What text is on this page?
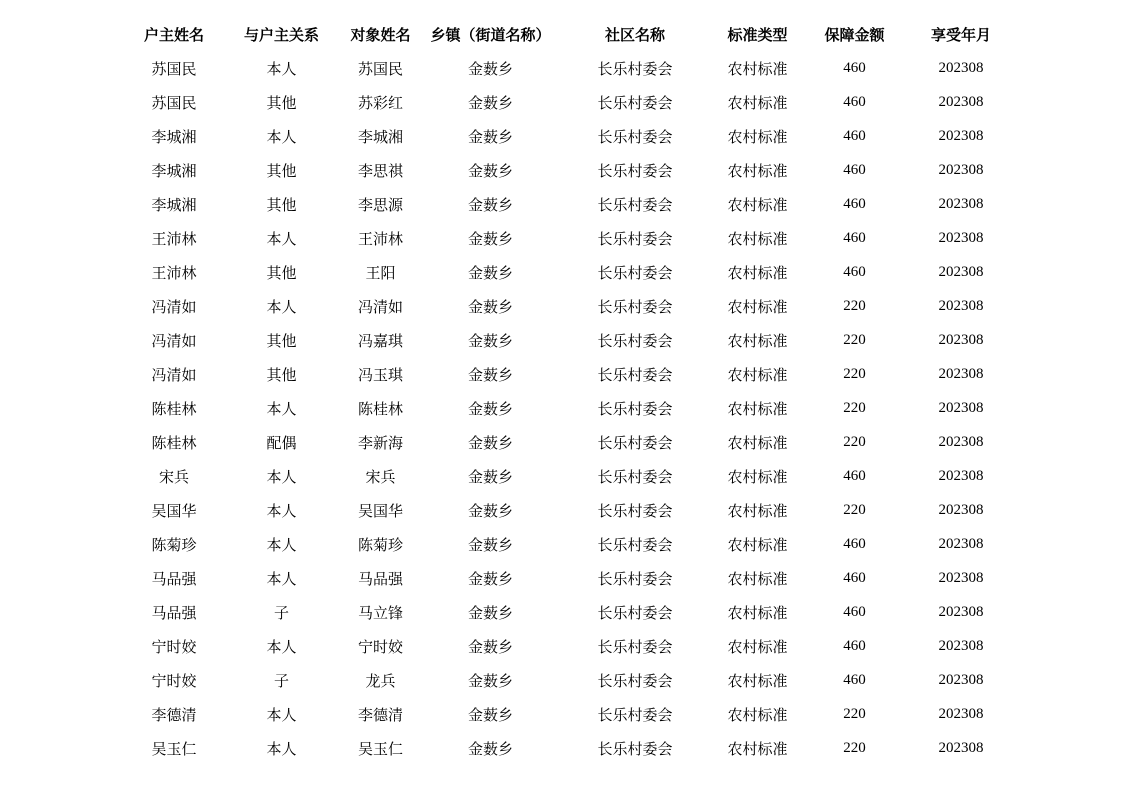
户主姓名	与户主关系	对象姓名	乡镇（街道名称）	社区名称	标准类型	保障金额	享受年月
苏国民	本人	苏国民	金薮乡	长乐村委会	农村标准	460	202308
苏国民	其他	苏彩红	金薮乡	长乐村委会	农村标准	460	202308
李城湘	本人	李城湘	金薮乡	长乐村委会	农村标准	460	202308
李城湘	其他	李思祺	金薮乡	长乐村委会	农村标准	460	202308
李城湘	其他	李思源	金薮乡	长乐村委会	农村标准	460	202308
王沛林	本人	王沛林	金薮乡	长乐村委会	农村标准	460	202308
王沛林	其他	王阳	金薮乡	长乐村委会	农村标准	460	202308
冯清如	本人	冯清如	金薮乡	长乐村委会	农村标准	220	202308
冯清如	其他	冯嘉琪	金薮乡	长乐村委会	农村标准	220	202308
冯清如	其他	冯玉琪	金薮乡	长乐村委会	农村标准	220	202308
陈桂林	本人	陈桂林	金薮乡	长乐村委会	农村标准	220	202308
陈桂林	配偶	李新海	金薮乡	长乐村委会	农村标准	220	202308
宋兵	本人	宋兵	金薮乡	长乐村委会	农村标准	460	202308
吴国华	本人	吴国华	金薮乡	长乐村委会	农村标准	220	202308
陈菊珍	本人	陈菊珍	金薮乡	长乐村委会	农村标准	460	202308
马品强	本人	马品强	金薮乡	长乐村委会	农村标准	460	202308
马品强	子	马立锋	金薮乡	长乐村委会	农村标准	460	202308
宁时姣	本人	宁时姣	金薮乡	长乐村委会	农村标准	460	202308
宁时姣	子	龙兵	金薮乡	长乐村委会	农村标准	460	202308
李德清	本人	李德清	金薮乡	长乐村委会	农村标准	220	202308
吴玉仁	本人	吴玉仁	金薮乡	长乐村委会	农村标准	220	202308
